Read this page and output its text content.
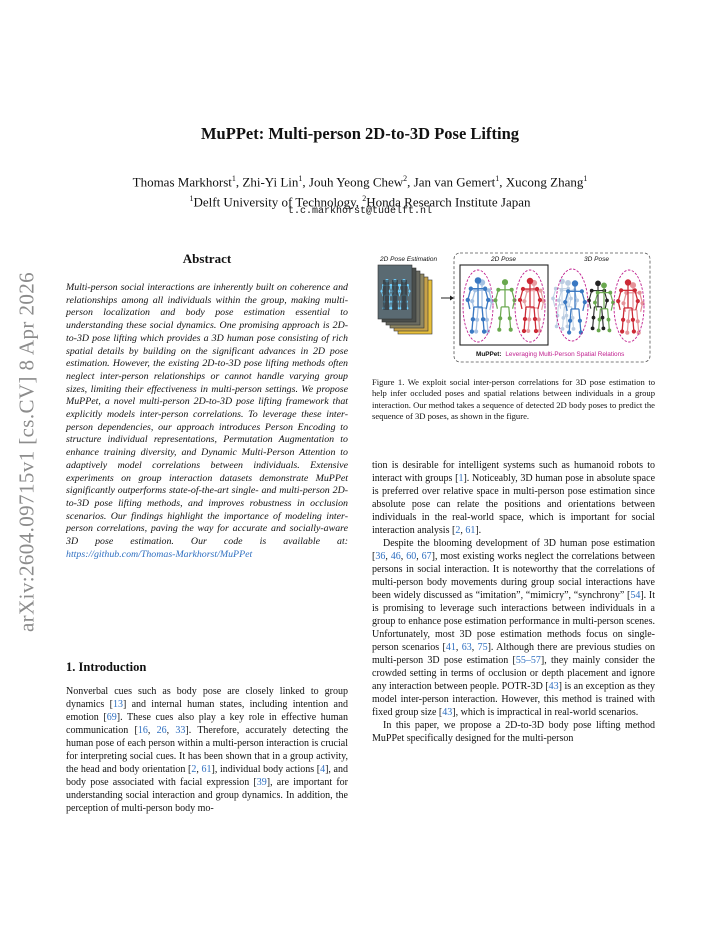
arXiv:2604.09715v1 [cs.CV] 8 Apr 2026
MuPPet: Multi-person 2D-to-3D Pose Lifting
Thomas Markhorst$^1$, Zhi-Yi Lin$^1$, Jouh Yeong Chew$^2$, Jan van Gemert$^1$, Xucong Zhang$^1$
$^1$Delft University of Technology, $^2$Honda Research Institute Japan
t.c.markhorst@tudelft.nl
Abstract
Multi-person social interactions are inherently built on coherence and relationships among all individuals within the group, making multi-person localization and body pose estimation essential to understanding these social dynamics. One promising approach is 2D-to-3D pose lifting which provides a 3D human pose consisting of rich spatial details by building on the significant advances in 2D pose estimation. However, the existing 2D-to-3D pose lifting methods often neglect inter-person relationships or cannot handle varying group sizes, limiting their effectiveness in multi-person settings. We propose MuPPet, a novel multi-person 2D-to-3D pose lifting framework that explicitly models inter-person correlations. To leverage these inter-person dependencies, our approach introduces Person Encoding to structure individual representations, Permutation Augmentation to enhance training diversity, and Dynamic Multi-Person Attention to adaptively model correlations between individuals. Extensive experiments on group interaction datasets demonstrate MuPPet significantly outperforms state-of-the-art single- and multi-person 2D-to-3D pose lifting methods, and improves robustness in occlusion scenarios. Our findings highlight the importance of modeling inter-person correlations, paving the way for accurate and socially-aware 3D pose estimation. Our code is available at: https://github.com/Thomas-Markhorst/MuPPet
2D Pose Estimation	2D Pose	3D Pose
MuPPet: Leveraging Multi-Person Spatial Relations
Figure 1. We exploit social inter-person correlations for 3D pose estimation to help infer occluded poses and spatial relations between individuals in a group interaction. Our method takes a sequence of detected 2D body poses to predict the sequence of 3D poses, as shown in the figure.
1. Introduction

Nonverbal cues such as body pose are closely linked to group dynamics [13] and internal human states, including intention and emotion [69]. These cues also play a key role in effective human communication [16, 26, 33]. Therefore, accurately detecting the human pose of each person within a multi-person interaction is crucial for interpreting social cues. It has been shown that in a group activity, the head and body orientation [2, 61], individual body actions [4], and body pose associated with facial expression [39], are important for understanding social interaction and group dynamics. In addition, the perception of multi-person body mo-

tion is desirable for intelligent systems such as humanoid robots to interact with groups [1]. Noticeably, 3D human pose in absolute space is preferred over relative space in multi-person pose estimation since absolute pose can relate the positions and orientations between individuals in the real-world space, which is important for social interaction analysis [2, 61].

Despite the blooming development of 3D human pose estimation [36, 46, 60, 67], most existing works neglect the correlations between persons in social interaction. It is noteworthy that the correlations of multi-person body movements during group social interactions have been widely discussed as “imitation”, “mimicry”, “synchrony” [54]. It is promising to leverage such interactions between individuals in a group to enhance pose estimation performance in multi-person scenes. Unfortunately, most 3D pose estimation methods focus on single-person scenarios [41, 63, 75]. Although there are previous studies on multi-person 3D pose estimation [55–57], they mainly consider the crowded setting in terms of occlusion or depth placement and ignore any interaction between people. POTR-3D [43] is an exception as they model inter-person interaction. However, this method is trained with fixed group size [43], which is impractical in real-world scenarios.

In this paper, we propose a 2D-to-3D body pose lifting method MuPPet specifically designed for the multi-person
